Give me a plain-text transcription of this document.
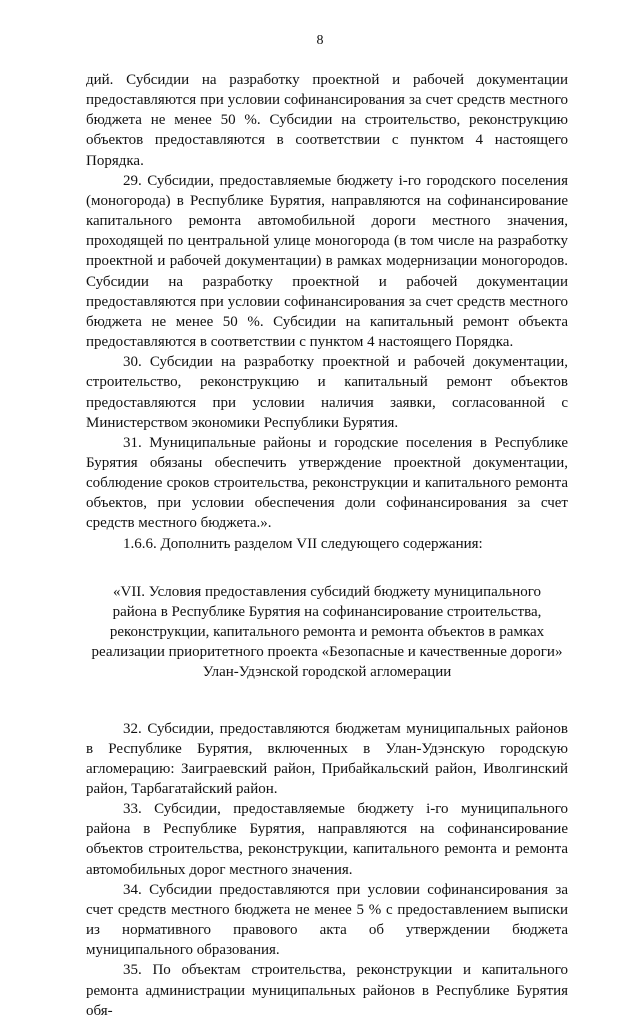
8

дий. Субсидии на разработку проектной и рабочей документации предоставляются при условии софинансирования за счет средств местного бюджета не менее 50 %. Субсидии на строительство, реконструкцию объектов предоставляются в соответствии с пунктом 4 настоящего Порядка.

29. Субсидии, предоставляемые бюджету i-го городского поселения (моногорода) в Республике Бурятия, направляются на софинансирование капитального ремонта автомобильной дороги местного значения, проходящей по центральной улице моногорода (в том числе на разработку проектной и рабочей документации) в рамках модернизации моногородов. Субсидии на разработку проектной и рабочей документации предоставляются при условии софинансирования за счет средств местного бюджета не менее 50 %. Субсидии на капитальный ремонт объекта предоставляются в соответствии с пунктом 4 настоящего Порядка.

30. Субсидии на разработку проектной и рабочей документации, строительство, реконструкцию и капитальный ремонт объектов предоставляются при условии наличия заявки, согласованной с Министерством экономики Республики Бурятия.

31. Муниципальные районы и городские поселения в Республике Бурятия обязаны обеспечить утверждение проектной документации, соблюдение сроков строительства, реконструкции и капитального ремонта объектов, при условии обеспечения доли софинансирования за счет средств местного бюджета.».

1.6.6. Дополнить разделом VII следующего содержания:

«VII. Условия предоставления субсидий бюджету муниципального
района в Республике Бурятия на софинансирование строительства,
реконструкции, капитального ремонта и ремонта объектов в рамках
реализации приоритетного проекта «Безопасные и качественные дороги»
Улан-Удэнской городской агломерации

32. Субсидии, предоставляются бюджетам муниципальных районов в Республике Бурятия, включенных в Улан-Удэнскую городскую агломерацию: Заиграевский район, Прибайкальский район, Иволгинский район, Тарбагатайский район.

33. Субсидии, предоставляемые бюджету i-го муниципального района в Республике Бурятия, направляются на софинансирование объектов строительства, реконструкции, капитального ремонта и ремонта автомобильных дорог местного значения.

34. Субсидии предоставляются при условии софинансирования за счет средств местного бюджета не менее 5 % с предоставлением выписки из нормативного правового акта об утверждении бюджета муниципального образования.

35. По объектам строительства, реконструкции и капитального ремонта администрации муниципальных районов в Республике Бурятия обя-
